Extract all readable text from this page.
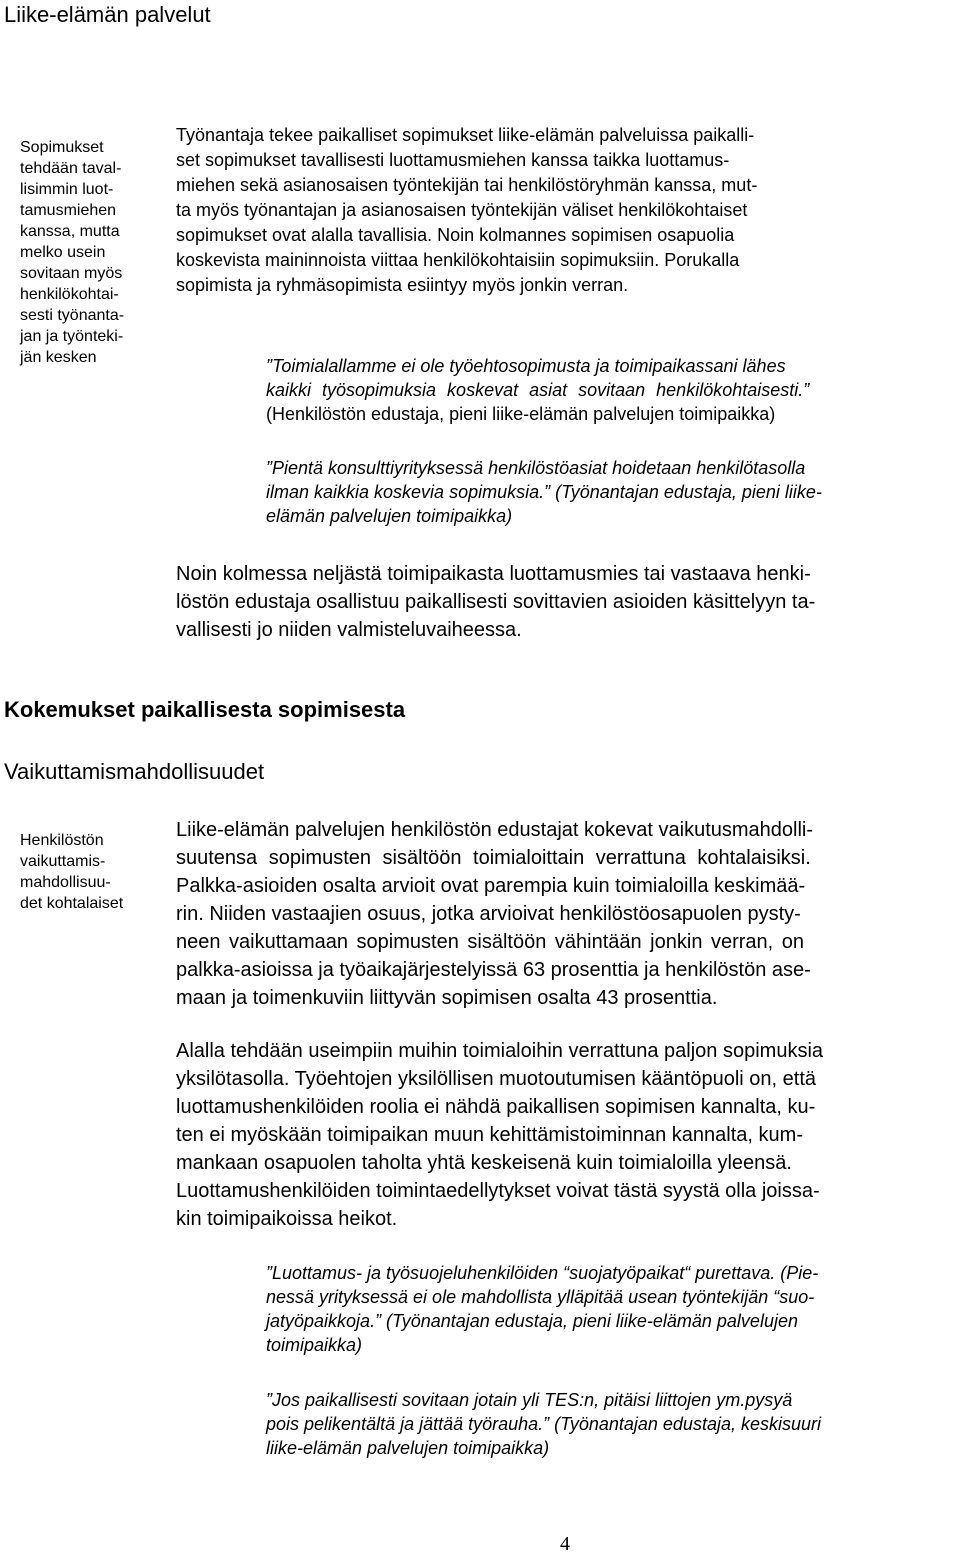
Liike-elämän palvelut
Sopimukset
tehdään taval-
lisimmin luot-
tamusmiehen
kanssa, mutta
melko usein
sovitaan myös
henkilökohtai-
sesti työnanta-
jan ja työnteki-
jän kesken
Työnantaja tekee paikalliset sopimukset liike-elämän palveluissa paikalli-
set sopimukset tavallisesti luottamusmiehen kanssa taikka luottamus-
miehen sekä asianosaisen työntekijän tai henkilöstöryhmän kanssa, mut-
ta myös työnantajan ja asianosaisen työntekijän väliset henkilökohtaiset
sopimukset ovat alalla tavallisia. Noin kolmannes sopimisen osapuolia
koskevista maininnoista viittaa henkilökohtaisiin sopimuksiin. Porukalla
sopimista ja ryhmäsopimista esiintyy myös jonkin verran.
”Toimialallamme ei ole työehtosopimusta ja toimipaikassani lähes
kaikki työsopimuksia koskevat asiat sovitaan henkilökohtaisesti.”
(Henkilöstön edustaja, pieni liike-elämän palvelujen toimipaikka)
”Pientä konsulttiyrityksessä henkilöstöasiat hoidetaan henkilötasolla
ilman kaikkia koskevia sopimuksia.” (Työnantajan edustaja, pieni liike-
elämän palvelujen toimipaikka)
Noin kolmessa neljästä toimipaikasta luottamusmies tai vastaava henki-
löstön edustaja osallistuu paikallisesti sovittavien asioiden käsittelyyn ta-
vallisesti jo niiden valmisteluvaiheessa.
Kokemukset paikallisesta sopimisesta
Vaikuttamismahdollisuudet
Henkilöstön
vaikuttamis-
mahdollisuu-
det kohtalaiset
Liike-elämän palvelujen henkilöstön edustajat kokevat vaikutusmahdolli-
suutensa sopimusten sisältöön toimialoittain verrattuna kohtalaisiksi.
Palkka-asioiden osalta arvioit ovat parempia kuin toimialoilla keskimää-
rin. Niiden vastaajien osuus, jotka arvioivat henkilöstöosapuolen pysty-
neen vaikuttamaan sopimusten sisältöön vähintään jonkin verran, on
palkka-asioissa ja työaikajärjestelyissä 63 prosenttia ja henkilöstön ase-
maan ja toimenkuviin liittyvän sopimisen osalta 43 prosenttia.
Alalla tehdään useimpiin muihin toimialoihin verrattuna paljon sopimuksia
yksilötasolla. Työehtojen yksilöllisen muotoutumisen kääntöpuoli on, että
luottamushenkilöiden roolia ei nähdä paikallisen sopimisen kannalta, ku-
ten ei myöskään toimipaikan muun kehittämistoiminnan kannalta, kum-
mankaan osapuolen taholta yhtä keskeisenä kuin toimialoilla yleensä.
Luottamushenkilöiden toimintaedellytykset voivat tästä syystä olla joissa-
kin toimipaikoissa heikot.
”Luottamus- ja työsuojeluhenkilöiden “suojatyöpaikat“ purettava. (Pie-
nessä yrityksessä ei ole mahdollista ylläpitää usean työntekijän “suo-
jatyöpaikkoja.” (Työnantajan edustaja, pieni liike-elämän palvelujen
toimipaikka)
”Jos paikallisesti sovitaan jotain yli TES:n, pitäisi liittojen ym.pysyä
pois pelikentältä ja jättää työrauha.” (Työnantajan edustaja, keskisuuri
liike-elämän palvelujen toimipaikka)
4
